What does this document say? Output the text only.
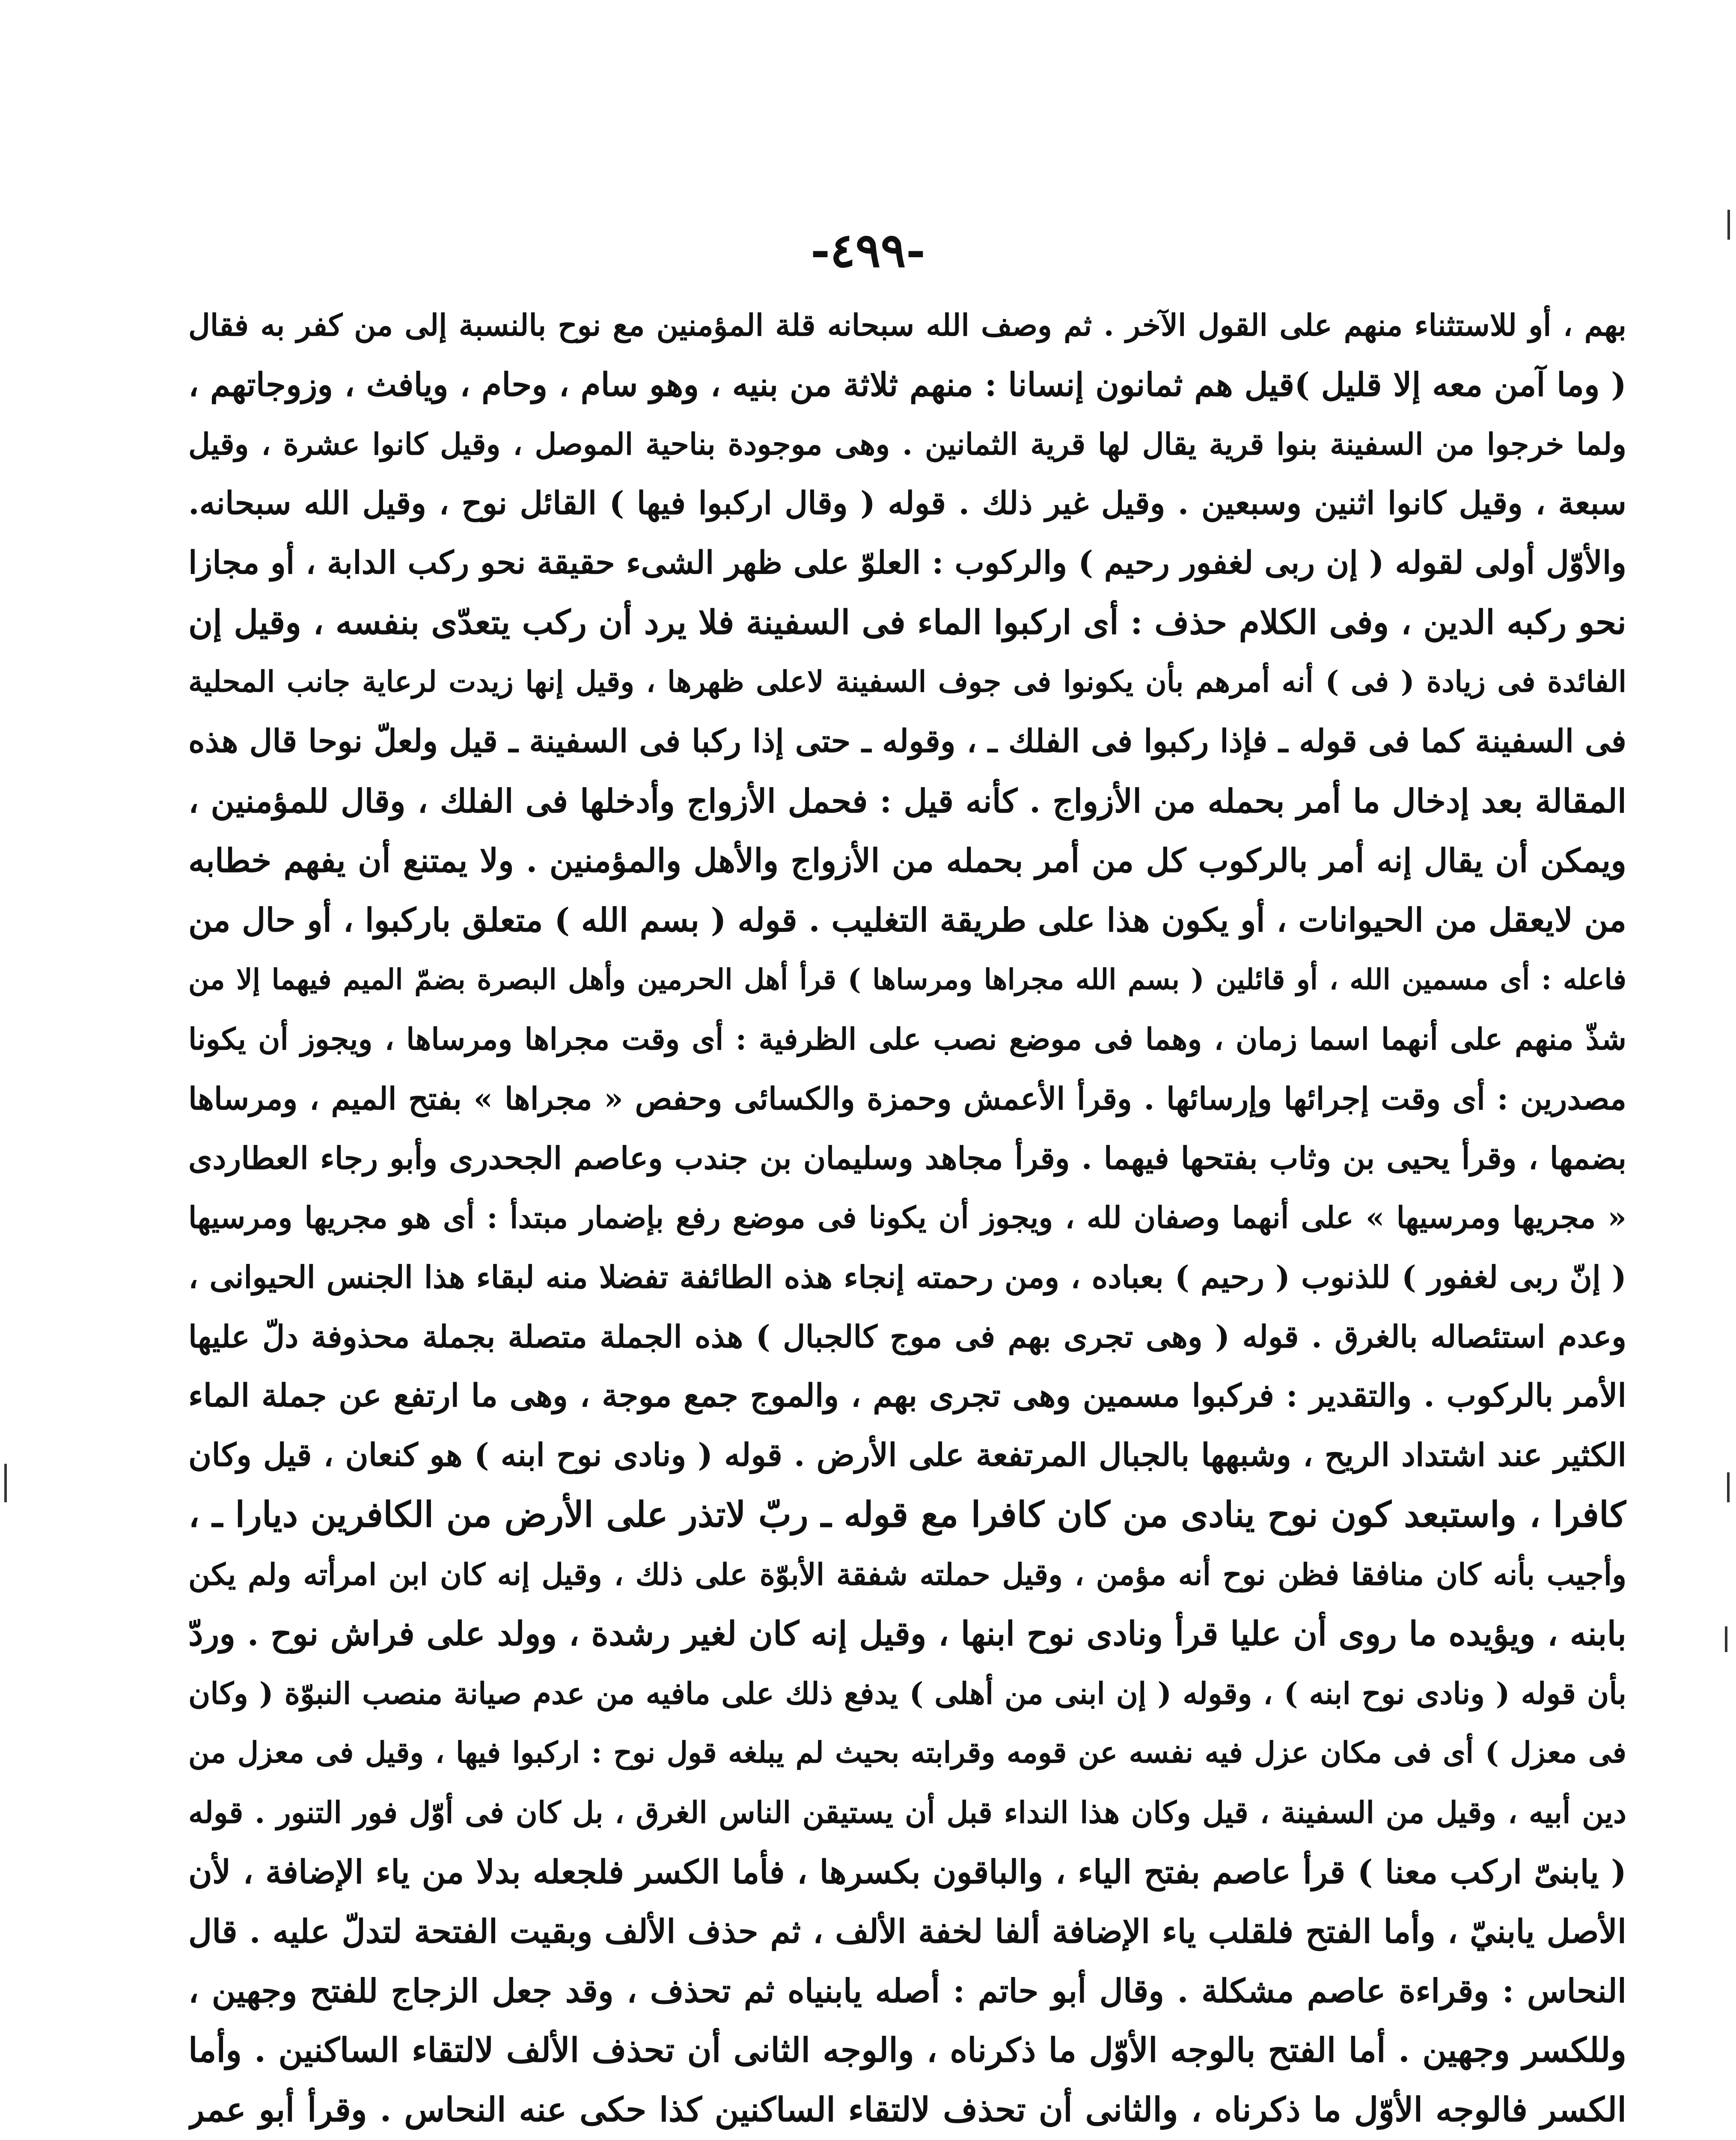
-٤٩٩-
بهم ، أو للاستثناء منهم على القول الآخر . ثم وصف الله سبحانه قلة المؤمنين مع نوح بالنسبة إلى من كفر به فقال
( وما آمن معه إلا قليل )قيل هم ثمانون إنسانا : منهم ثلاثة من بنيه ، وهو سام ، وحام ، ويافث ، وزوجاتهم ،
ولما خرجوا من السفينة بنوا قرية يقال لها قرية الثمانين . وهى موجودة بناحية الموصل ، وقيل كانوا عشرة ، وقيل
سبعة ، وقيل كانوا اثنين وسبعين . وقيل غير ذلك . قوله ( وقال اركبوا فيها ) القائل نوح ، وقيل الله سبحانه.
والأوّل أولى لقوله ( إن ربى لغفور رحيم ) والركوب : العلوّ على ظهر الشىء حقيقة نحو ركب الدابة ، أو مجازا
نحو ركبه الدين ، وفى الكلام حذف : أى اركبوا الماء فى السفينة فلا يرد أن ركب يتعدّى بنفسه ، وقيل إن
الفائدة فى زيادة ( فى ) أنه أمرهم بأن يكونوا فى جوف السفينة لاعلى ظهرها ، وقيل إنها زيدت لرعاية جانب المحلية
فى السفينة كما فى قوله ـ فإذا ركبوا فى الفلك ـ ، وقوله ـ حتى إذا ركبا فى السفينة ـ قيل ولعلّ نوحا قال هذه
المقالة بعد إدخال ما أمر بحمله من الأزواج . كأنه قيل : فحمل الأزواج وأدخلها فى الفلك ، وقال للمؤمنين ،
ويمكن أن يقال إنه أمر بالركوب كل من أمر بحمله من الأزواج والأهل والمؤمنين . ولا يمتنع أن يفهم خطابه
من لايعقل من الحيوانات ، أو يكون هذا على طريقة التغليب . قوله ( بسم الله ) متعلق باركبوا ، أو حال من
فاعله : أى مسمين الله ، أو قائلين ( بسم الله مجراها ومرساها ) قرأ أهل الحرمين وأهل البصرة بضمّ الميم فيهما إلا من
شذّ منهم على أنهما اسما زمان ، وهما فى موضع نصب على الظرفية : أى وقت مجراها ومرساها ، ويجوز أن يكونا
مصدرين : أى وقت إجرائها وإرسائها . وقرأ الأعمش وحمزة والكسائى وحفص « مجراها » بفتح الميم ، ومرساها
بضمها ، وقرأ يحيى بن وثاب بفتحها فيهما . وقرأ مجاهد وسليمان بن جندب وعاصم الجحدرى وأبو رجاء العطاردى
« مجريها ومرسيها » على أنهما وصفان لله ، ويجوز أن يكونا فى موضع رفع بإضمار مبتدأ : أى هو مجريها ومرسيها
( إنّ ربى لغفور ) للذنوب ( رحيم ) بعباده ، ومن رحمته إنجاء هذه الطائفة تفضلا منه لبقاء هذا الجنس الحيوانى ،
وعدم استئصاله بالغرق . قوله ( وهى تجرى بهم فى موج كالجبال ) هذه الجملة متصلة بجملة محذوفة دلّ عليها
الأمر بالركوب . والتقدير : فركبوا مسمين وهى تجرى بهم ، والموج جمع موجة ، وهى ما ارتفع عن جملة الماء
الكثير عند اشتداد الريح ، وشبهها بالجبال المرتفعة على الأرض . قوله ( ونادى نوح ابنه ) هو كنعان ، قيل وكان
كافرا ، واستبعد كون نوح ينادى من كان كافرا مع قوله ـ ربّ لاتذر على الأرض من الكافرين ديارا ـ ،
وأجيب بأنه كان منافقا فظن نوح أنه مؤمن ، وقيل حملته شفقة الأبوّة على ذلك ، وقيل إنه كان ابن امرأته ولم يكن
بابنه ، ويؤيده ما روى أن عليا قرأ ونادى نوح ابنها ، وقيل إنه كان لغير رشدة ، وولد على فراش نوح . وردّ
بأن قوله ( ونادى نوح ابنه ) ، وقوله ( إن ابنى من أهلى ) يدفع ذلك على مافيه من عدم صيانة منصب النبوّة ( وكان
فى معزل ) أى فى مكان عزل فيه نفسه عن قومه وقرابته بحيث لم يبلغه قول نوح : اركبوا فيها ، وقيل فى معزل من
دين أبيه ، وقيل من السفينة ، قيل وكان هذا النداء قبل أن يستيقن الناس الغرق ، بل كان فى أوّل فور التنور . قوله
( يابنىّ اركب معنا ) قرأ عاصم بفتح الياء ، والباقون بكسرها ، فأما الكسر فلجعله بدلا من ياء الإضافة ، لأن
الأصل يابنيّ ، وأما الفتح فلقلب ياء الإضافة ألفا لخفة الألف ، ثم حذف الألف وبقيت الفتحة لتدلّ عليه . قال
النحاس : وقراءة عاصم مشكلة . وقال أبو حاتم : أصله يابنياه ثم تحذف ، وقد جعل الزجاج للفتح وجهين ،
وللكسر وجهين . أما الفتح بالوجه الأوّل ما ذكرناه ، والوجه الثانى أن تحذف الألف لالتقاء الساكنين . وأما
الكسر فالوجه الأوّل ما ذكرناه ، والثانى أن تحذف لالتقاء الساكنين كذا حكى عنه النحاس . وقرأ أبو عمر
